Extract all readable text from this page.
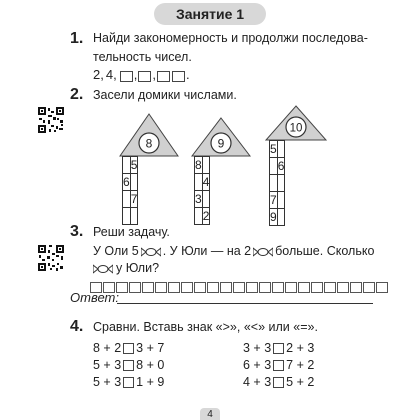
Занятие 1
1. Найди закономерность и продолжи последова-
тельность чисел.
2, 4, , , .
2. Засели домики числами.
8
	5
6	
	7

9
8	
	4
3	
	2
10
5	
	6

7	
9	
3. Реши задачу.
У Оли 5 . У Юли — на 2 больше. Сколько
у Юли?
Ответ:
4. Сравни. Вставь знак «>», «<» или «=».
8 + 2 3 + 7
5 + 3 8 + 0
5 + 3 1 + 9
3 + 3 2 + 3
6 + 3 7 + 2
4 + 3 5 + 2
4
